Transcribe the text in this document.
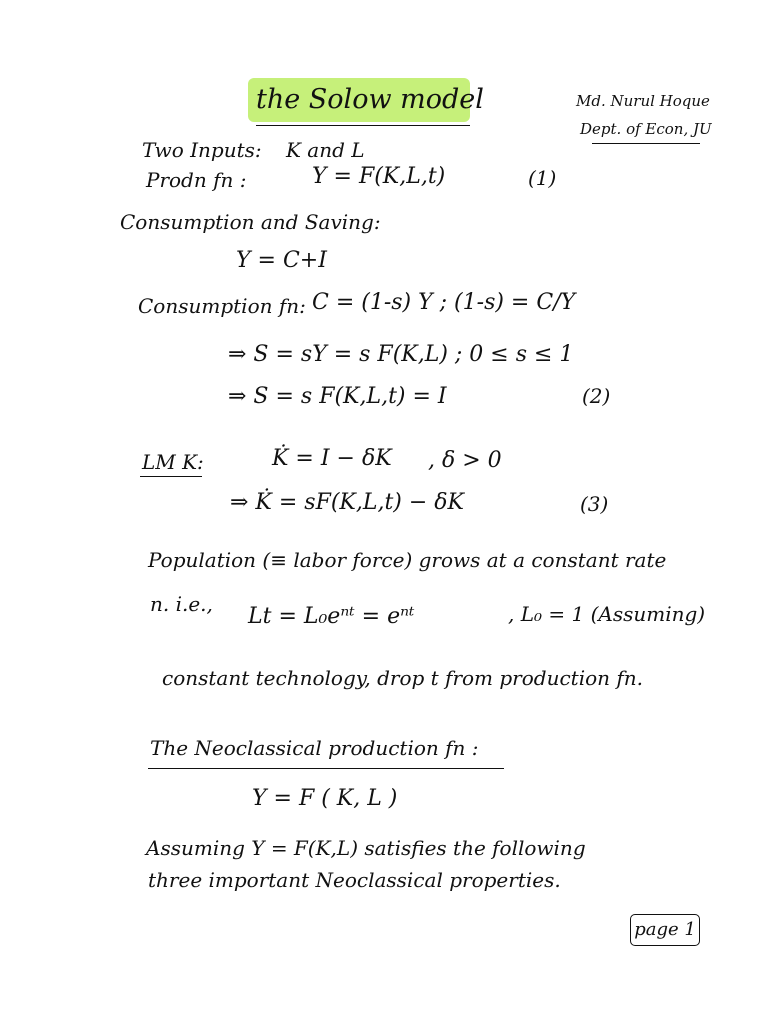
the Solow model	Md. Nurul Hoque
Dept. of Econ, JU
Two Inputs: K and L
Prodn fn :	Y = F(K,L,t)	(1)
Consumption and Saving:
Y = C+I
Consumption fn: C = (1-s) Y ; (1-s) = C/Y
⇒ S = sY = s F(K,L) ; 0 ≤ s ≤ 1
⇒ S = s F(K,L,t) = I	(2)
LM K:	K̇ = I − δK , δ > 0
⇒ K̇ = sF(K,L,t) − δK	(3)
Population (≡ labor force) grows at a constant rate
n. i.e., Lt = L₀eⁿᵗ = eⁿᵗ	, L₀ = 1 (Assuming)
constant technology, drop t from production fn.
The Neoclassical production fn :
Y = F ( K, L )
Assuming Y = F(K,L) satisfies the following
three important Neoclassical properties.
page 1
